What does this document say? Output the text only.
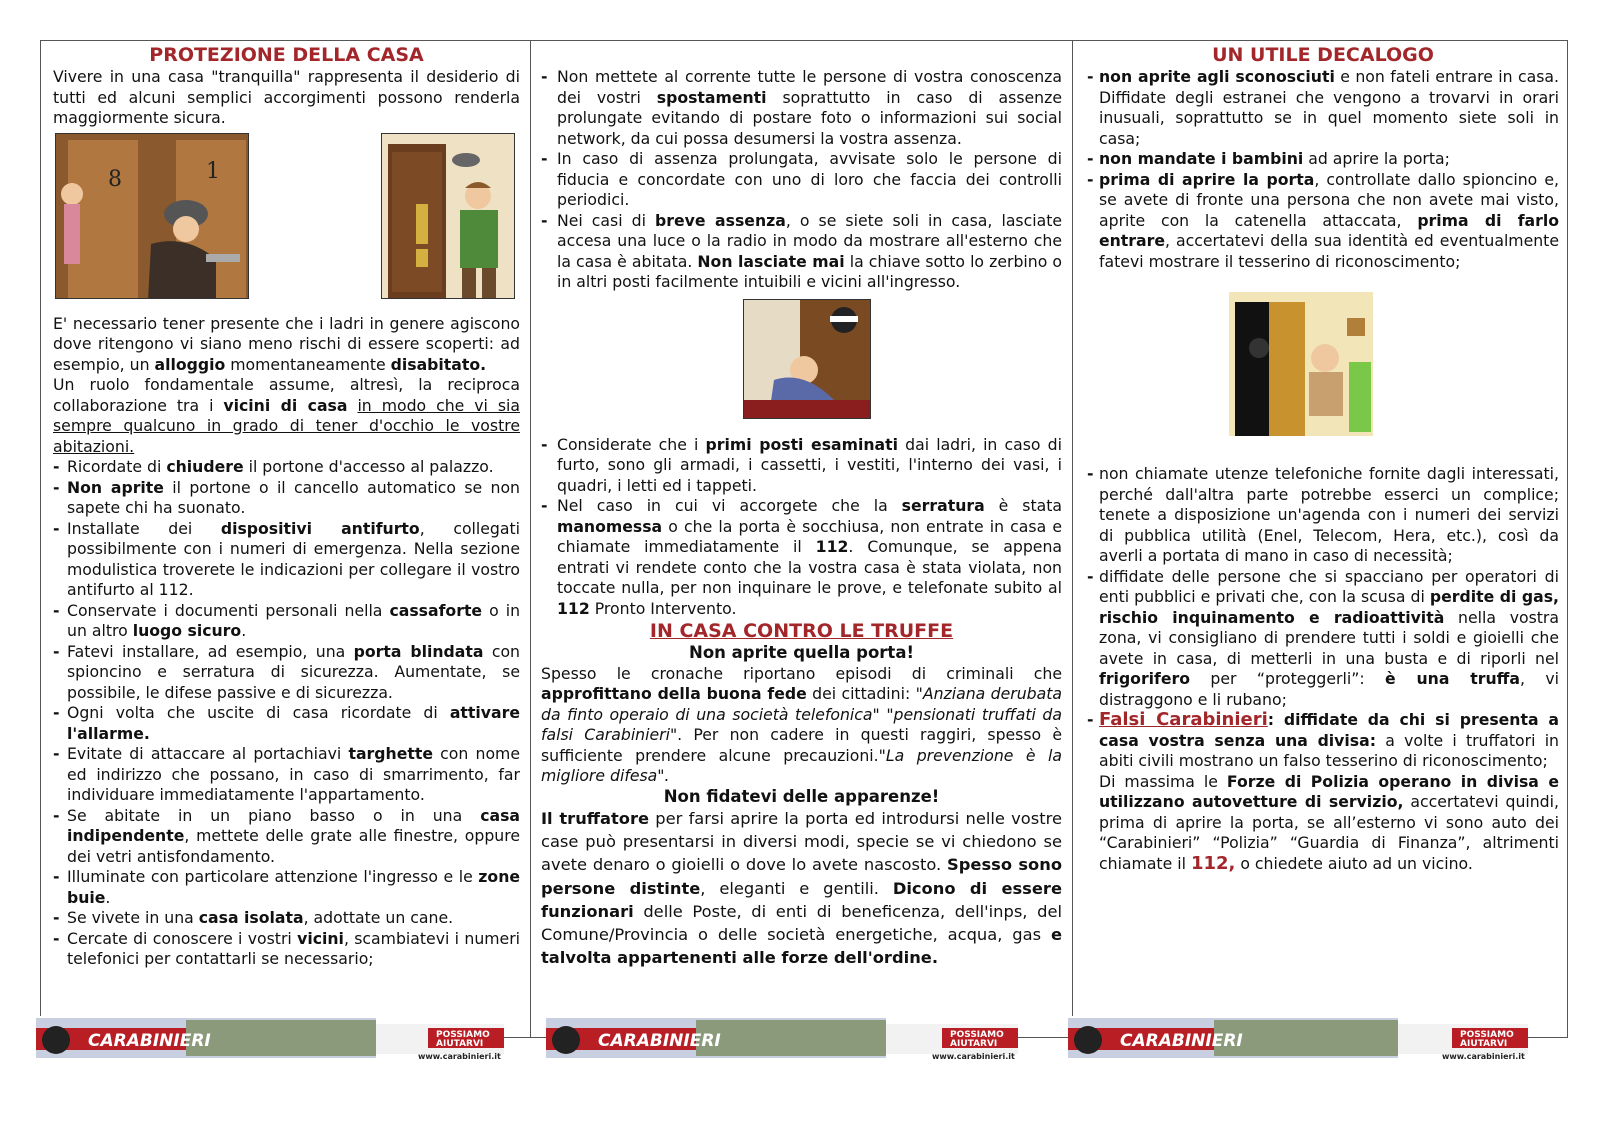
PROTEZIONE DELLA CASA

Vivere in una casa "tranquilla" rappresenta il desiderio di tutti ed alcuni semplici accorgimenti possono renderla maggiormente sicura.

8	1

E' necessario tener presente che i ladri in genere agiscono dove ritengono vi siano meno rischi di essere scoperti: ad esempio, un alloggio momentaneamente disabitato.

Un ruolo fondamentale assume, altresì, la reciproca collaborazione tra i vicini di casa in modo che vi sia sempre qualcuno in grado di tener d'occhio le vostre abitazioni.

- Ricordate di chiudere il portone d'accesso al palazzo.
- Non aprite il portone o il cancello automatico se non sapete chi ha suonato.
- Installate dei dispositivi antifurto, collegati possibilmente con i numeri di emergenza. Nella sezione modulistica troverete le indicazioni per collegare il vostro antifurto al 112.
- Conservate i documenti personali nella cassaforte o in un altro luogo sicuro.
- Fatevi installare, ad esempio, una porta blindata con spioncino e serratura di sicurezza. Aumentate, se possibile, le difese passive e di sicurezza.
- Ogni volta che uscite di casa ricordate di attivare l'allarme.
- Evitate di attaccare al portachiavi targhette con nome ed indirizzo che possano, in caso di smarrimento, far individuare immediatamente l'appartamento.
- Se abitate in un piano basso o in una casa indipendente, mettete delle grate alle finestre, oppure dei vetri antisfondamento.
- Illuminate con particolare attenzione l'ingresso e le zone buie.
- Se vivete in una casa isolata, adottate un cane.
- Cercate di conoscere i vostri vicini, scambiatevi i numeri telefonici per contattarli se necessario;
- Non mettete al corrente tutte le persone di vostra conoscenza dei vostri spostamenti soprattutto in caso di assenze prolungate evitando di postare foto o informazioni sui social network, da cui possa desumersi la vostra assenza.
- In caso di assenza prolungata, avvisate solo le persone di fiducia e concordate con uno di loro che faccia dei controlli periodici.
- Nei casi di breve assenza, o se siete soli in casa, lasciate accesa una luce o la radio in modo da mostrare all'esterno che la casa è abitata. Non lasciate mai la chiave sotto lo zerbino o in altri posti facilmente intuibili e vicini all'ingresso.
- Considerate che i primi posti esaminati dai ladri, in caso di furto, sono gli armadi, i cassetti, i vestiti, l'interno dei vasi, i quadri, i letti ed i tappeti.
- Nel caso in cui vi accorgete che la serratura è stata manomessa o che la porta è socchiusa, non entrate in casa e chiamate immediatamente il 112. Comunque, se appena entrati vi rendete conto che la vostra casa è stata violata, non toccate nulla, per non inquinare le prove, e telefonate subito al 112 Pronto Intervento.
IN CASA CONTRO LE TRUFFE
Non aprite quella porta!

Spesso le cronache riportano episodi di criminali che approfittano della buona fede dei cittadini: "Anziana derubata da finto operaio di una società telefonica" "pensionati truffati da falsi Carabinieri". Per non cadere in questi raggiri, spesso è sufficiente prendere alcune precauzioni."La prevenzione è la migliore difesa".

Non fidatevi delle apparenze!

Il truffatore per farsi aprire la porta ed introdursi nelle vostre case può presentarsi in diversi modi, specie se vi chiedono se avete denaro o gioielli o dove lo avete nascosto. Spesso sono persone distinte, eleganti e gentili. Dicono di essere funzionari delle Poste, di enti di beneficenza, dell'inps, del Comune/Provincia o delle società energetiche, acqua, gas e talvolta appartenenti alle forze dell'ordine.

UN UTILE DECALOGO
- non aprite agli sconosciuti e non fateli entrare in casa. Diffidate degli estranei che vengono a trovarvi in orari inusuali, soprattutto se in quel momento siete soli in casa;
- non mandate i bambini ad aprire la porta;
- prima di aprire la porta, controllate dallo spioncino e, se avete di fronte una persona che non avete mai visto, aprite con la catenella attaccata, prima di farlo entrare, accertatevi della sua identità ed eventualmente fatevi mostrare il tesserino di riconoscimento;
- non chiamate utenze telefoniche fornite dagli interessati, perché dall'altra parte potrebbe esserci un complice; tenete a disposizione un'agenda con i numeri dei servizi di pubblica utilità (Enel, Telecom, Hera, etc.), così da averli a portata di mano in caso di necessità;
- diffidate delle persone che si spacciano per operatori di enti pubblici e privati che, con la scusa di perdite di gas, rischio inquinamento e radioattività nella vostra zona, vi consigliano di prendere tutti i soldi e gioielli che avete in casa, di metterli in una busta e di riporli nel frigorifero per “proteggerli”: è una truffa, vi distraggono e li rubano;
- Falsi Carabinieri: diffidate da chi si presenta a casa vostra senza una divisa: a volte i truffatori in abiti civili mostrano un falso tesserino di riconoscimento;

Di massima le Forze di Polizia operano in divisa e utilizzano autovetture di servizio, accertatevi quindi, prima di aprire la porta, se all’esterno vi sono auto dei “Carabinieri” “Polizia” “Guardia di Finanza”, altrimenti chiamate il 112, o chiedete aiuto ad un vicino.

CARABINIERI	POSSIAMO
AIUTARVI
www.carabinieri.it
CARABINIERI	POSSIAMO
AIUTARVI
www.carabinieri.it
CARABINIERI	POSSIAMO
AIUTARVI
www.carabinieri.it
